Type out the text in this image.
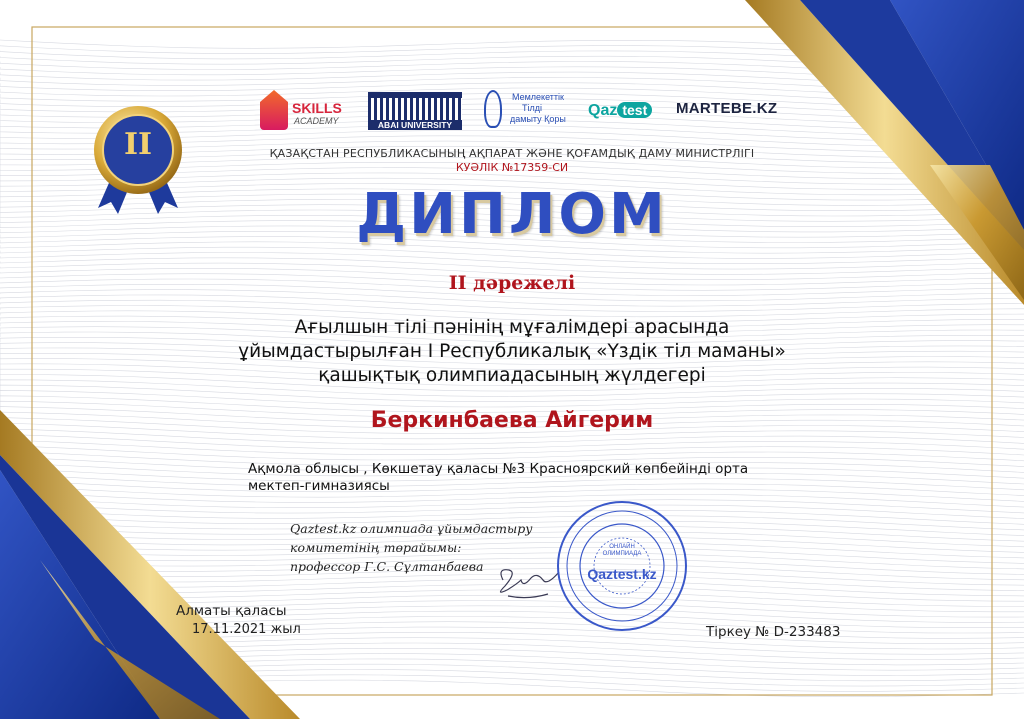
II
SKILLS
ACADEMY	ABAI UNIVERSITY
Мемлекеттік
Тілді
дамыту Қоры Qaz test	MARTEBE.KZ
ҚАЗАҚСТАН РЕСПУБЛИКАСЫНЫҢ АҚПАРАТ ЖӘНЕ ҚОҒАМДЫҚ ДАМУ МИНИСТРЛІГІ
КУӘЛІК №17359-СИ
ДИПЛОМ
II дәрежелі
Ағылшын тілі пәнінің мұғалімдері арасында
ұйымдастырылған I Республикалық «Үздік тіл маманы»
қашықтық олимпиадасының жүлдегері
Беркинбаева Айгерим
Ақмола облысы , Көкшетау қаласы №3 Красноярский көпбейінді орта
мектеп-гимназиясы
Qaztest.kz олимпиада ұйымдастыру
комитетінің төрайымы:
профессор Г.С. Сұлтанбаева
ОНЛАЙН ОЛИМПИАДА
Qaztest.kz
Алматы қаласы
17.11.2021 жыл	Тіркеу № D-233483
